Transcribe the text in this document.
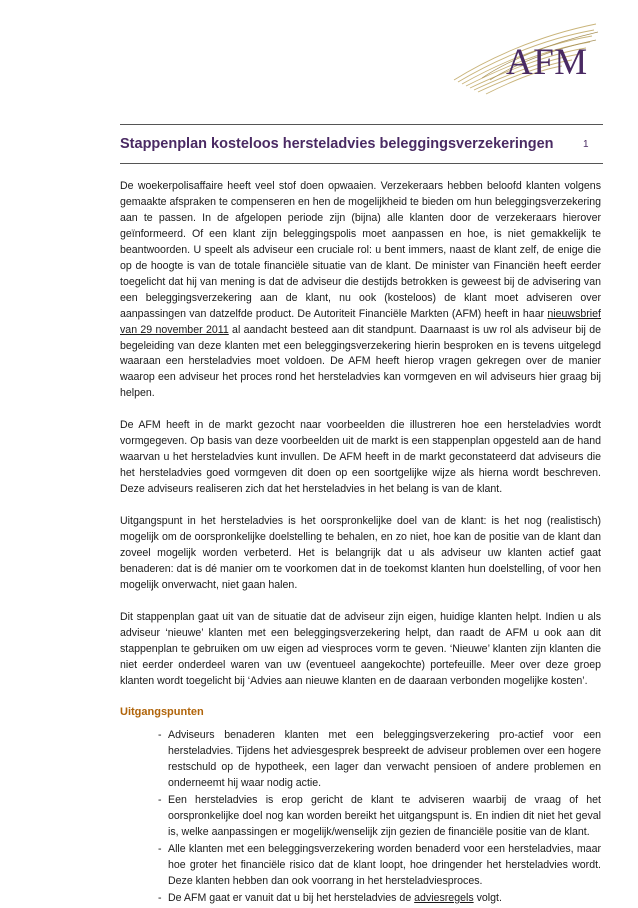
AFM
Stappenplan kosteloos hersteladvies beleggingsverzekeringen	1

De woekerpolisaffaire heeft veel stof doen opwaaien. Verzekeraars hebben beloofd klanten volgens gemaakte afspraken te compenseren en hen de mogelijkheid te bieden om hun beleggingsverzekering aan te passen. In de afgelopen periode zijn (bijna) alle klanten door de verzekeraars hierover geïnformeerd. Of een klant zijn beleggingspolis moet aanpassen en hoe, is niet gemakkelijk te beantwoorden. U speelt als adviseur een cruciale rol: u bent immers, naast de klant zelf, de enige die op de hoogte is van de totale financiële situatie van de klant. De minister van Financiën heeft eerder toegelicht dat hij van mening is dat de adviseur die destijds betrokken is geweest bij de advisering van een beleggingsverzekering aan de klant, nu ook (kosteloos) de klant moet adviseren over aanpassingen van datzelfde product. De Autoriteit Financiële Markten (AFM) heeft in haar nieuwsbrief van 29 november 2011 al aandacht besteed aan dit standpunt. Daarnaast is uw rol als adviseur bij de begeleiding van deze klanten met een beleggingsverzekering hierin besproken en is tevens uitgelegd waaraan een hersteladvies moet voldoen. De AFM heeft hierop vragen gekregen over de manier waarop een adviseur het proces rond het hersteladvies kan vormgeven en wil adviseurs hier graag bij helpen.

De AFM heeft in de markt gezocht naar voorbeelden die illustreren hoe een hersteladvies wordt vormgegeven. Op basis van deze voorbeelden uit de markt is een stappenplan opgesteld aan de hand waarvan u het hersteladvies kunt invullen. De AFM heeft in de markt geconstateerd dat adviseurs die het hersteladvies goed vormgeven dit doen op een soortgelijke wijze als hierna wordt beschreven. Deze adviseurs realiseren zich dat het hersteladvies in het belang is van de klant.

Uitgangspunt in het hersteladvies is het oorspronkelijke doel van de klant: is het nog (realistisch) mogelijk om de oorspronkelijke doelstelling te behalen, en zo niet, hoe kan de positie van de klant dan zoveel mogelijk worden verbeterd. Het is belangrijk dat u als adviseur uw klanten actief gaat benaderen: dat is dé manier om te voorkomen dat in de toekomst klanten hun doelstelling, of voor hen mogelijk onverwacht, niet gaan halen.

Dit stappenplan gaat uit van de situatie dat de adviseur zijn eigen, huidige klanten helpt. Indien u als adviseur ‘nieuwe’ klanten met een beleggingsverzekering helpt, dan raadt de AFM u ook aan dit stappenplan te gebruiken om uw eigen ad viesproces vorm te geven. ‘Nieuwe’ klanten zijn klanten die niet eerder onderdeel waren van uw (eventueel aangekochte) portefeuille. Meer over deze groep klanten wordt toegelicht bij ‘Advies aan nieuwe klanten en de daaraan verbonden mogelijke kosten’.

Uitgangspunten
- Adviseurs benaderen klanten met een beleggingsverzekering pro-actief voor een hersteladvies. Tijdens het adviesgesprek bespreekt de adviseur problemen over een hogere restschuld op de hypotheek, een lager dan verwacht pensioen of andere problemen en onderneemt hij waar nodig actie.
- Een hersteladvies is erop gericht de klant te adviseren waarbij de vraag of het oorspronkelijke doel nog kan worden bereikt het uitgangspunt is. En indien dit niet het geval is, welke aanpassingen er mogelijk/wenselijk zijn gezien de financiële positie van de klant.
- Alle klanten met een beleggingsverzekering worden benaderd voor een hersteladvies, maar hoe groter het financiële risico dat de klant loopt, hoe dringender het hersteladvies wordt. Deze klanten hebben dan ook voorrang in het hersteladviesproces.
- De AFM gaat er vanuit dat u bij het hersteladvies de adviesregels volgt.
